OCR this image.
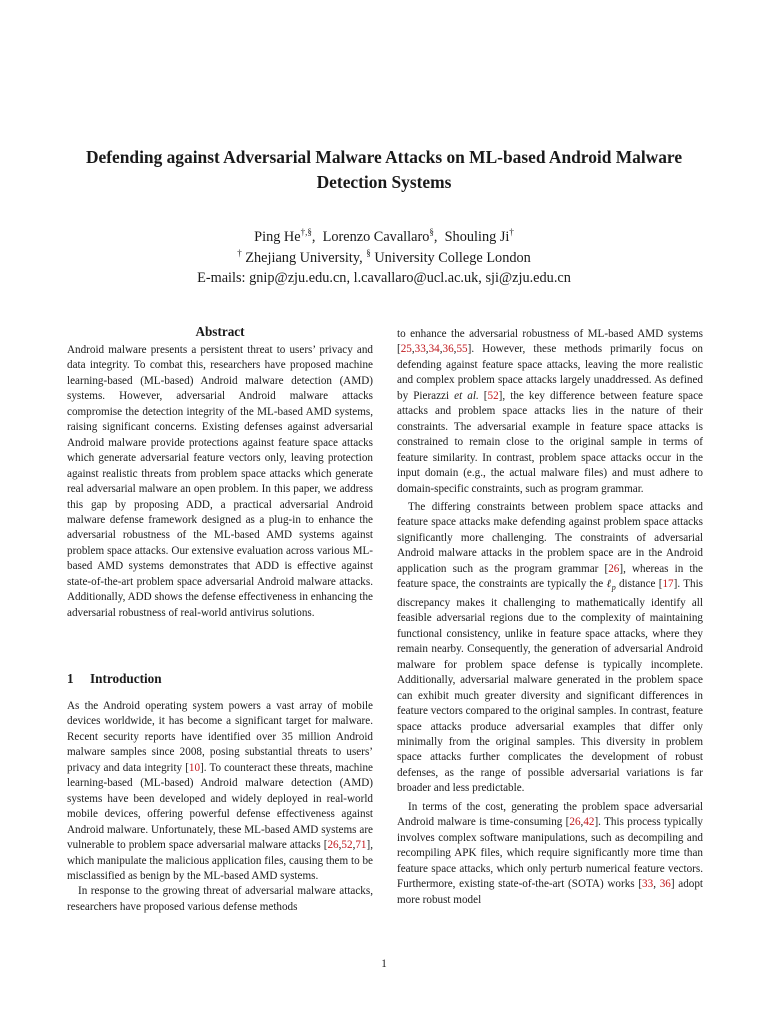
Defending against Adversarial Malware Attacks on ML-based Android Malware Detection Systems
Ping He†,§,  Lorenzo Cavallaro§,  Shouling Ji†
† Zhejiang University, § University College London
E-mails: gnip@zju.edu.cn, l.cavallaro@ucl.ac.uk, sji@zju.edu.cn
Abstract
Android malware presents a persistent threat to users’ privacy and data integrity. To combat this, researchers have proposed machine learning-based (ML-based) Android malware detection (AMD) systems. However, adversarial Android malware attacks compromise the detection integrity of the ML-based AMD systems, raising significant concerns. Existing defenses against adversarial Android malware provide protections against feature space attacks which generate adversarial feature vectors only, leaving protection against realistic threats from problem space attacks which generate real adversarial malware an open problem. In this paper, we address this gap by proposing ADD, a practical adversarial Android malware defense framework designed as a plug-in to enhance the adversarial robustness of the ML-based AMD systems against problem space attacks. Our extensive evaluation across various ML-based AMD systems demonstrates that ADD is effective against state-of-the-art problem space adversarial Android malware attacks. Additionally, ADD shows the defense effectiveness in enhancing the adversarial robustness of real-world antivirus solutions.
1 Introduction

As the Android operating system powers a vast array of mobile devices worldwide, it has become a significant target for malware. Recent security reports have identified over 35 million Android malware samples since 2008, posing substantial threats to users’ privacy and data integrity [10]. To counteract these threats, machine learning-based (ML-based) Android malware detection (AMD) systems have been developed and widely deployed in real-world mobile devices, offering powerful defense effectiveness against Android malware. Unfortunately, these ML-based AMD systems are vulnerable to problem space adversarial malware attacks [26,52,71], which manipulate the malicious application files, causing them to be misclassified as benign by the ML-based AMD systems.

In response to the growing threat of adversarial malware attacks, researchers have proposed various defense methods

to enhance the adversarial robustness of ML-based AMD systems [25,33,34,36,55]. However, these methods primarily focus on defending against feature space attacks, leaving the more realistic and complex problem space attacks largely unaddressed. As defined by Pierazzi et al. [52], the key difference between feature space attacks and problem space attacks lies in the nature of their constraints. The adversarial example in feature space attacks is constrained to remain close to the original sample in terms of feature similarity. In contrast, problem space attacks occur in the input domain (e.g., the actual malware files) and must adhere to domain-specific constraints, such as program grammar.

The differing constraints between problem space attacks and feature space attacks make defending against problem space attacks significantly more challenging. The constraints of adversarial Android malware attacks in the problem space are in the Android application such as the program grammar [26], whereas in the feature space, the constraints are typically the ℓ$_p$ distance [17]. This discrepancy makes it challenging to mathematically identify all feasible adversarial regions due to the complexity of maintaining functional consistency, unlike in feature space attacks, where they remain nearby. Consequently, the generation of adversarial Android malware for problem space defense is typically incomplete. Additionally, adversarial malware generated in the problem space can exhibit much greater diversity and significant differences in feature vectors compared to the original samples. In contrast, feature space attacks produce adversarial examples that differ only minimally from the original samples. This diversity in problem space attacks further complicates the development of robust defenses, as the range of possible adversarial variations is far broader and less predictable.

In terms of the cost, generating the problem space adversarial Android malware is time-consuming [26,42]. This process typically involves complex software manipulations, such as decompiling and recompiling APK files, which require significantly more time than feature space attacks, which only perturb numerical feature vectors. Furthermore, existing state-of-the-art (SOTA) works [33, 36] adopt more robust model

1
